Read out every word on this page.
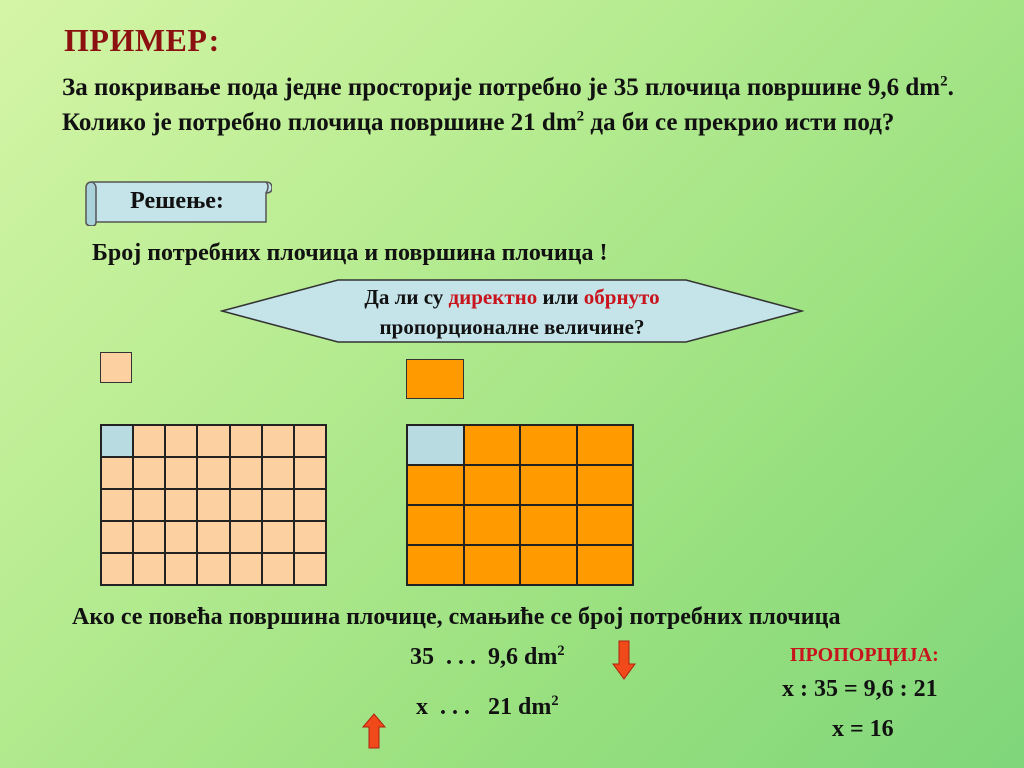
ПРИМЕР:
За покривање пода једне просторије потребно је 35 плочица површине 9,6 $dm^2$. Колико је потребно плочица површине 21 $dm^2$ да би се прекрио исти под?
Решење:
Број потребних плочица и површина плочица !
Да ли су директно или обрнуто
пропорционалне величине?
Ако се повећа површина плочице, смањиће се број потребних плочица
35 . . . 9,6 $dm^2$
x . . . 21 $dm^2$
ПРОПОРЦИЈА:
x : 35 = 9,6 : 21
x = 16
